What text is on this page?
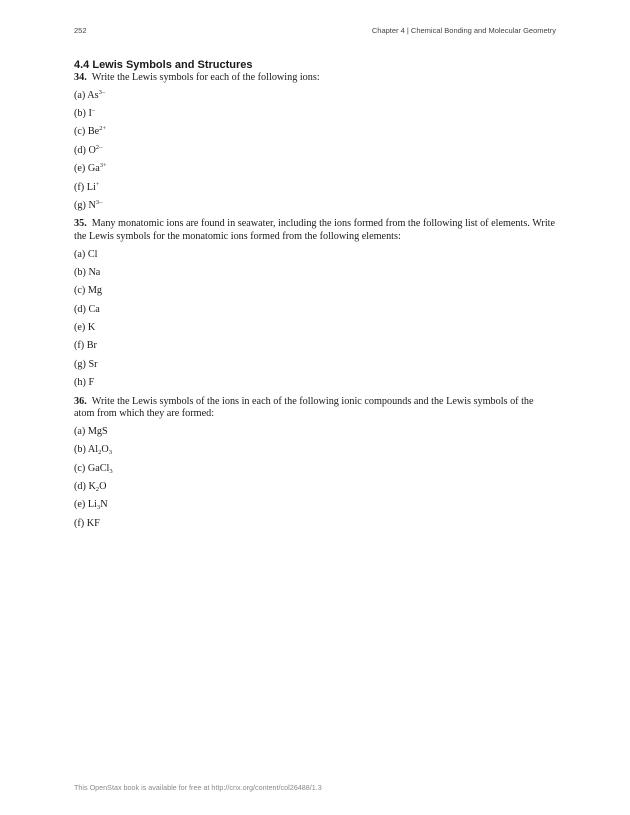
252	Chapter 4 | Chemical Bonding and Molecular Geometry
4.4 Lewis Symbols and Structures

34. Write the Lewis symbols for each of the following ions:

(a) $As^{3-}$

(b) I–

(c) $Be^{2+}$

(d) $O^{2-}$

(e) $Ga^{3+}$

(f) Li+

(g) $N^{3-}$

35. Many monatomic ions are found in seawater, including the ions formed from the following list of elements. Write the Lewis symbols for the monatomic ions formed from the following elements:

(a) Cl

(b) Na

(c) Mg

(d) Ca

(e) K

(f) Br

(g) Sr

(h) F

36. Write the Lewis symbols of the ions in each of the following ionic compounds and the Lewis symbols of the atom from which they are formed:

(a) MgS

(b) $Al_2O_3$

(c) GaCl$_3$

(d) $K_2O$

(e) $Li_3N$

(f) KF

This OpenStax book is available for free at http://cnx.org/content/col26488/1.3
